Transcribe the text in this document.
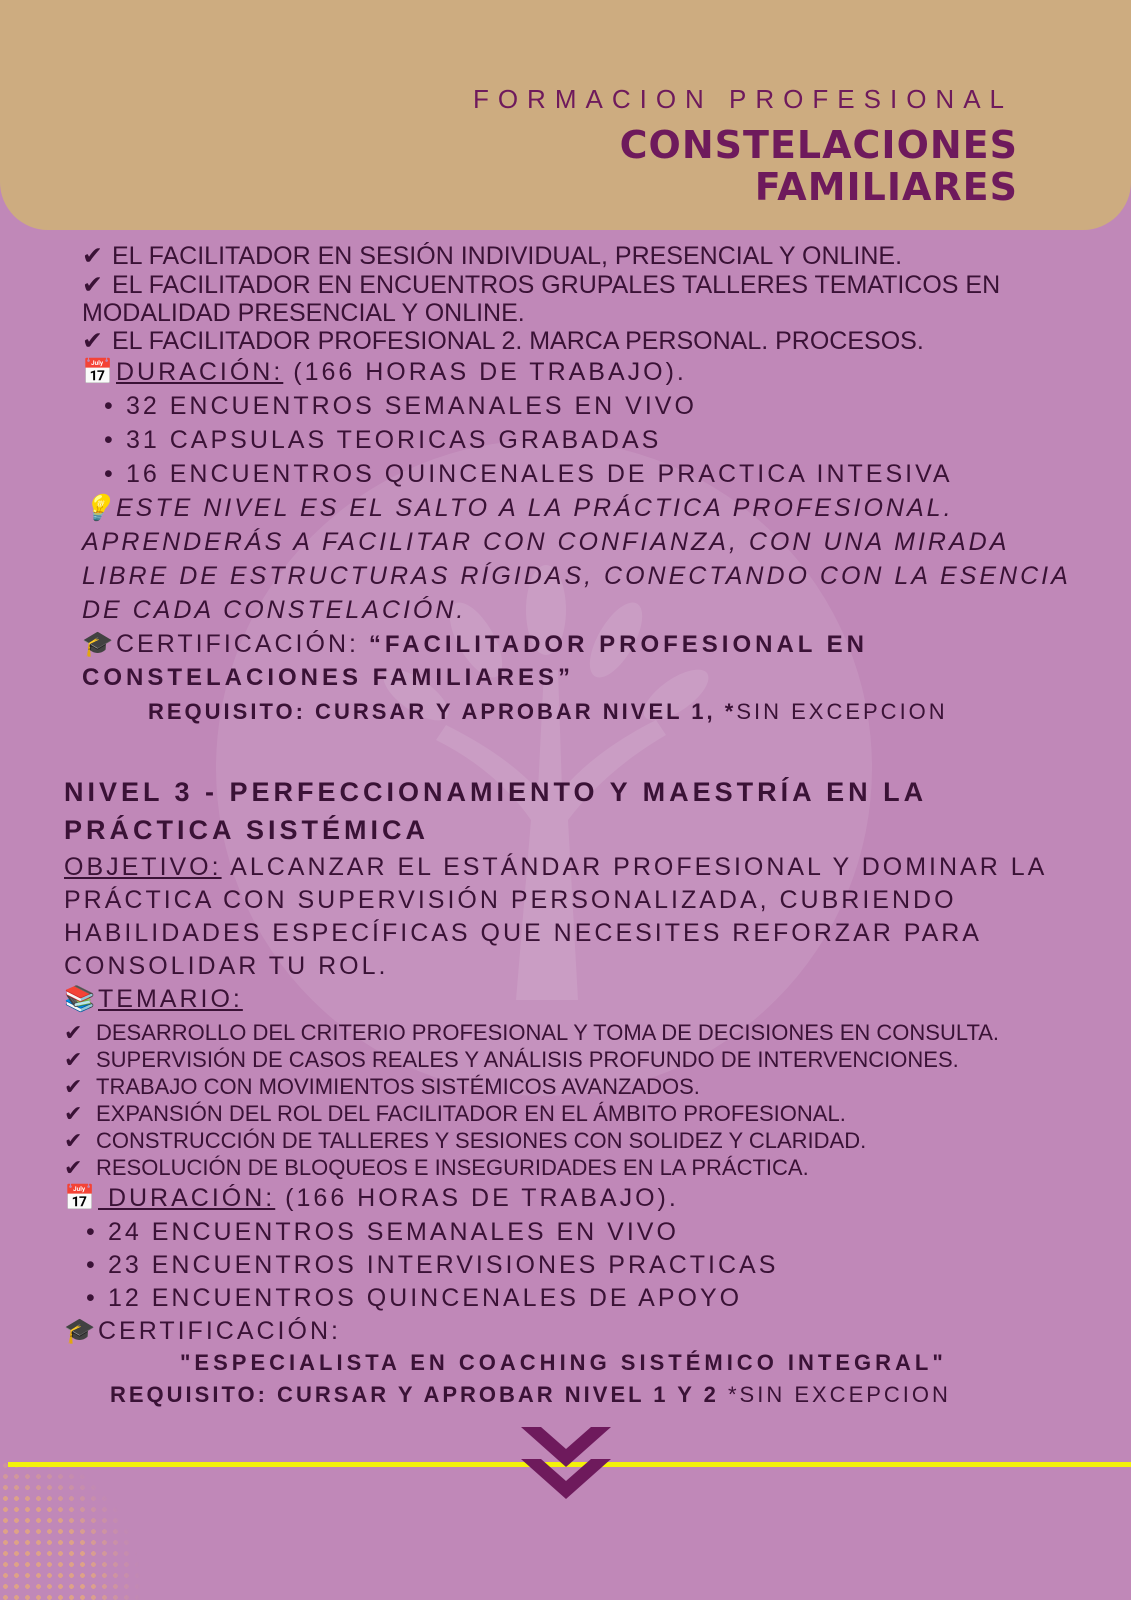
FORMACION PROFESIONAL
CONSTELACIONES
FAMILIARES
✔ EL FACILITADOR EN SESIÓN INDIVIDUAL, PRESENCIAL Y ONLINE.
✔ EL FACILITADOR EN ENCUENTROS GRUPALES TALLERES TEMATICOS EN
MODALIDAD PRESENCIAL Y ONLINE.
✔ EL FACILITADOR PROFESIONAL 2. MARCA PERSONAL. PROCESOS.
📅DURACIÓN: (166 HORAS DE TRABAJO).
• 32 ENCUENTROS SEMANALES EN VIVO
• 31 CAPSULAS TEORICAS GRABADAS
• 16 ENCUENTROS QUINCENALES DE PRACTICA INTESIVA
💡ESTE NIVEL ES EL SALTO A LA PRÁCTICA PROFESIONAL.
APRENDERÁS A FACILITAR CON CONFIANZA, CON UNA MIRADA
LIBRE DE ESTRUCTURAS RÍGIDAS, CONECTANDO CON LA ESENCIA
DE CADA CONSTELACIÓN.
🎓CERTIFICACIÓN: “FACILITADOR PROFESIONAL EN
CONSTELACIONES FAMILIARES”
REQUISITO: CURSAR Y APROBAR NIVEL 1, *SIN EXCEPCION
NIVEL 3 - PERFECCIONAMIENTO Y MAESTRÍA EN LA
PRÁCTICA SISTÉMICA
OBJETIVO: ALCANZAR EL ESTÁNDAR PROFESIONAL Y DOMINAR LA
PRÁCTICA CON SUPERVISIÓN PERSONALIZADA, CUBRIENDO
HABILIDADES ESPECÍFICAS QUE NECESITES REFORZAR PARA
CONSOLIDAR TU ROL.
📚TEMARIO:
✔ DESARROLLO DEL CRITERIO PROFESIONAL Y TOMA DE DECISIONES EN CONSULTA.
✔ SUPERVISIÓN DE CASOS REALES Y ANÁLISIS PROFUNDO DE INTERVENCIONES.
✔ TRABAJO CON MOVIMIENTOS SISTÉMICOS AVANZADOS.
✔ EXPANSIÓN DEL ROL DEL FACILITADOR EN EL ÁMBITO PROFESIONAL.
✔ CONSTRUCCIÓN DE TALLERES Y SESIONES CON SOLIDEZ Y CLARIDAD.
✔ RESOLUCIÓN DE BLOQUEOS E INSEGURIDADES EN LA PRÁCTICA.
📅 DURACIÓN: (166 HORAS DE TRABAJO).
• 24 ENCUENTROS SEMANALES EN VIVO
• 23 ENCUENTROS INTERVISIONES PRACTICAS
• 12 ENCUENTROS QUINCENALES DE APOYO
🎓CERTIFICACIÓN:
"ESPECIALISTA EN COACHING SISTÉMICO INTEGRAL"
REQUISITO: CURSAR Y APROBAR NIVEL 1 Y 2 *SIN EXCEPCION
